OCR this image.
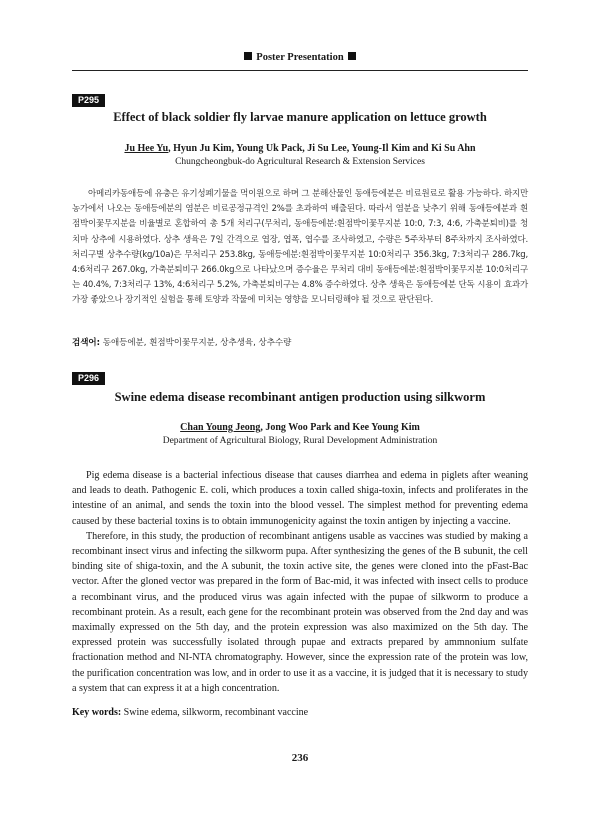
Poster Presentation
P295
Effect of black soldier fly larvae manure application on lettuce growth
Ju Hee Yu, Hyun Ju Kim, Young Uk Pack, Ji Su Lee, Young-Il Kim and Ki Su Ahn
Chungcheongbuk-do Agricultural Research & Extension Services

아메리카동애등에 유충은 유기성폐기물을 먹이원으로 하며 그 분해산물인 동애등에분은 비료원료로 활용 가능하다. 하지만 농가에서 나오는 동애등에분의 염분은 비료공정규격인 2%를 초과하여 배출된다. 따라서 염분을 낮추기 위해 동애등에분과 흰점박이꽃무지분을 비율별로 혼합하여 총 5개 처리구(무처리, 동애등에분:흰점박이꽃무지분 10:0, 7:3, 4:6, 가축분퇴비)를 청치마 상추에 시용하였다. 상추 생육은 7일 간격으로 엽장, 엽폭, 엽수를 조사하였고, 수량은 5주차부터 8주차까지 조사하였다. 처리구별 상추수량(kg/10a)은 무처리구 253.8kg, 동애등에분:흰점박이꽃무지분 10:0처리구 356.3kg, 7:3처리구 286.7kg, 4:6처리구 267.0kg, 가축분퇴비구 266.0kg으로 나타났으며 증수율은 무처리 대비 동애등에분:흰점박이꽃무지분 10:0처리구는 40.4%, 7:3처리구 13%, 4:6처리구 5.2%, 가축분퇴비구는 4.8% 증수하였다. 상추 생육은 동애등에분 단독 시용이 효과가 가장 좋았으나 장기적인 실험을 통해 토양과 작물에 미치는 영향을 모니터링해야 될 것으로 판단된다.

검색어: 동애등에분, 흰점박이꽃무지분, 상추생육, 상추수량
P296
Swine edema disease recombinant antigen production using silkworm
Chan Young Jeong, Jong Woo Park and Kee Young Kim
Department of Agricultural Biology, Rural Development Administration

Pig edema disease is a bacterial infectious disease that causes diarrhea and edema in piglets after weaning and leads to death. Pathogenic E. coli, which produces a toxin called shiga-toxin, infects and proliferates in the intestine of an animal, and sends the toxin into the blood vessel. The simplest method for preventing edema caused by these bacterial toxins is to obtain immunogenicity against the toxin antigen by injecting a vaccine.

Therefore, in this study, the production of recombinant antigens usable as vaccines was studied by making a recombinant insect virus and infecting the silkworm pupa. After synthesizing the genes of the B subunit, the cell binding site of shiga-toxin, and the A subunit, the toxin active site, the genes were cloned into the pFast-Bac vector. After the gloned vector was prepared in the form of Bac-mid, it was infected with insect cells to produce a recombinant virus, and the produced virus was again infected with the pupae of silkworm to produce a recombinant protein. As a result, each gene for the recombinant protein was observed from the 2nd day and was maximally expressed on the 5th day, and the protein expression was also maximized on the 5th day. The expressed protein was successfully isolated through pupae and extracts prepared by ammnonium sulfate fractionation method and NI-NTA chromatography. However, since the expression rate of the protein was low, the purification concentration was low, and in order to use it as a vaccine, it is judged that it is necessary to study a system that can express it at a high concentration.

Key words: Swine edema, silkworm, recombinant vaccine
236
